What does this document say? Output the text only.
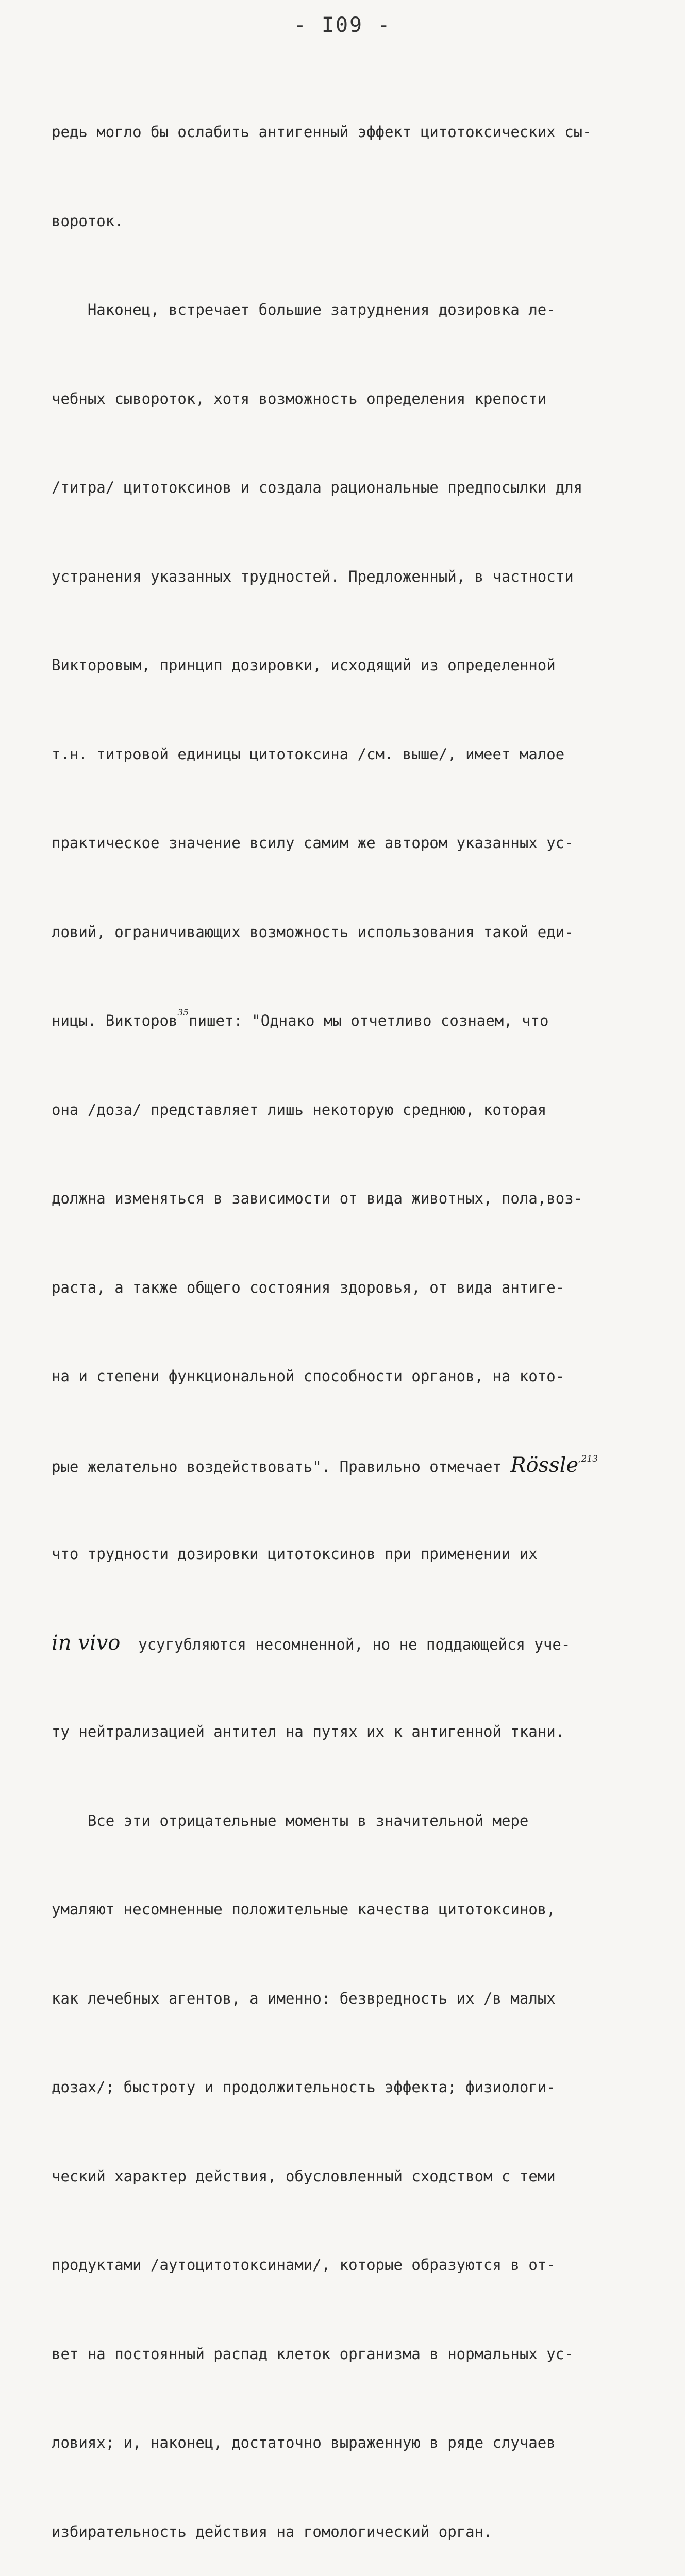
- I09 -

редь могло бы ослабить антигенный эффект цитотоксических сы-

вороток.

Наконец, встречает большие затруднения дозировка ле-

чебных сывороток, хотя возможность определения крепости

/титра/ цитотоксинов и создала рациональные предпосылки для

устранения указанных трудностей. Предложенный, в частности

Викторовым, принцип дозировки, исходящий из определенной

т.н. титровой единицы цитотоксина /см. выше/, имеет малое

практическое значение всилу самим же автором указанных ус-

ловий, ограничивающих возможность использования такой еди-

ницы. Викторов$^{35}$пишет: "Однако мы отчетливо сознаем, что

она /доза/ представляет лишь некоторую среднюю, которая

должна изменяться в зависимости от вида животных, пола,воз-

раста, а также общего состояния здоровья, от вида антиге-

на и степени функциональной способности органов, на кото-

рые желательно воздействовать". Правильно отмечает Rössle$^{,213}$

что трудности дозировки цитотоксинов при применении их

in vivo  усугубляются несомненной, но не поддающейся уче-

ту нейтрализацией антител на путях их к антигенной ткани.

Все эти отрицательные моменты в значительной мере

умаляют несомненные положительные качества цитотоксинов,

как лечебных агентов, а именно: безвредность их /в малых

дозах/; быстроту и продолжительность эффекта; физиологи-

ческий характер действия, обусловленный сходством с теми

продуктами /аутоцитотоксинами/, которые образуются в от-

вет на постоянный распад клеток организма в нормальных ус-

ловиях; и, наконец, достаточно выраженную в ряде случаев

избирательность действия на гомологический орган.
